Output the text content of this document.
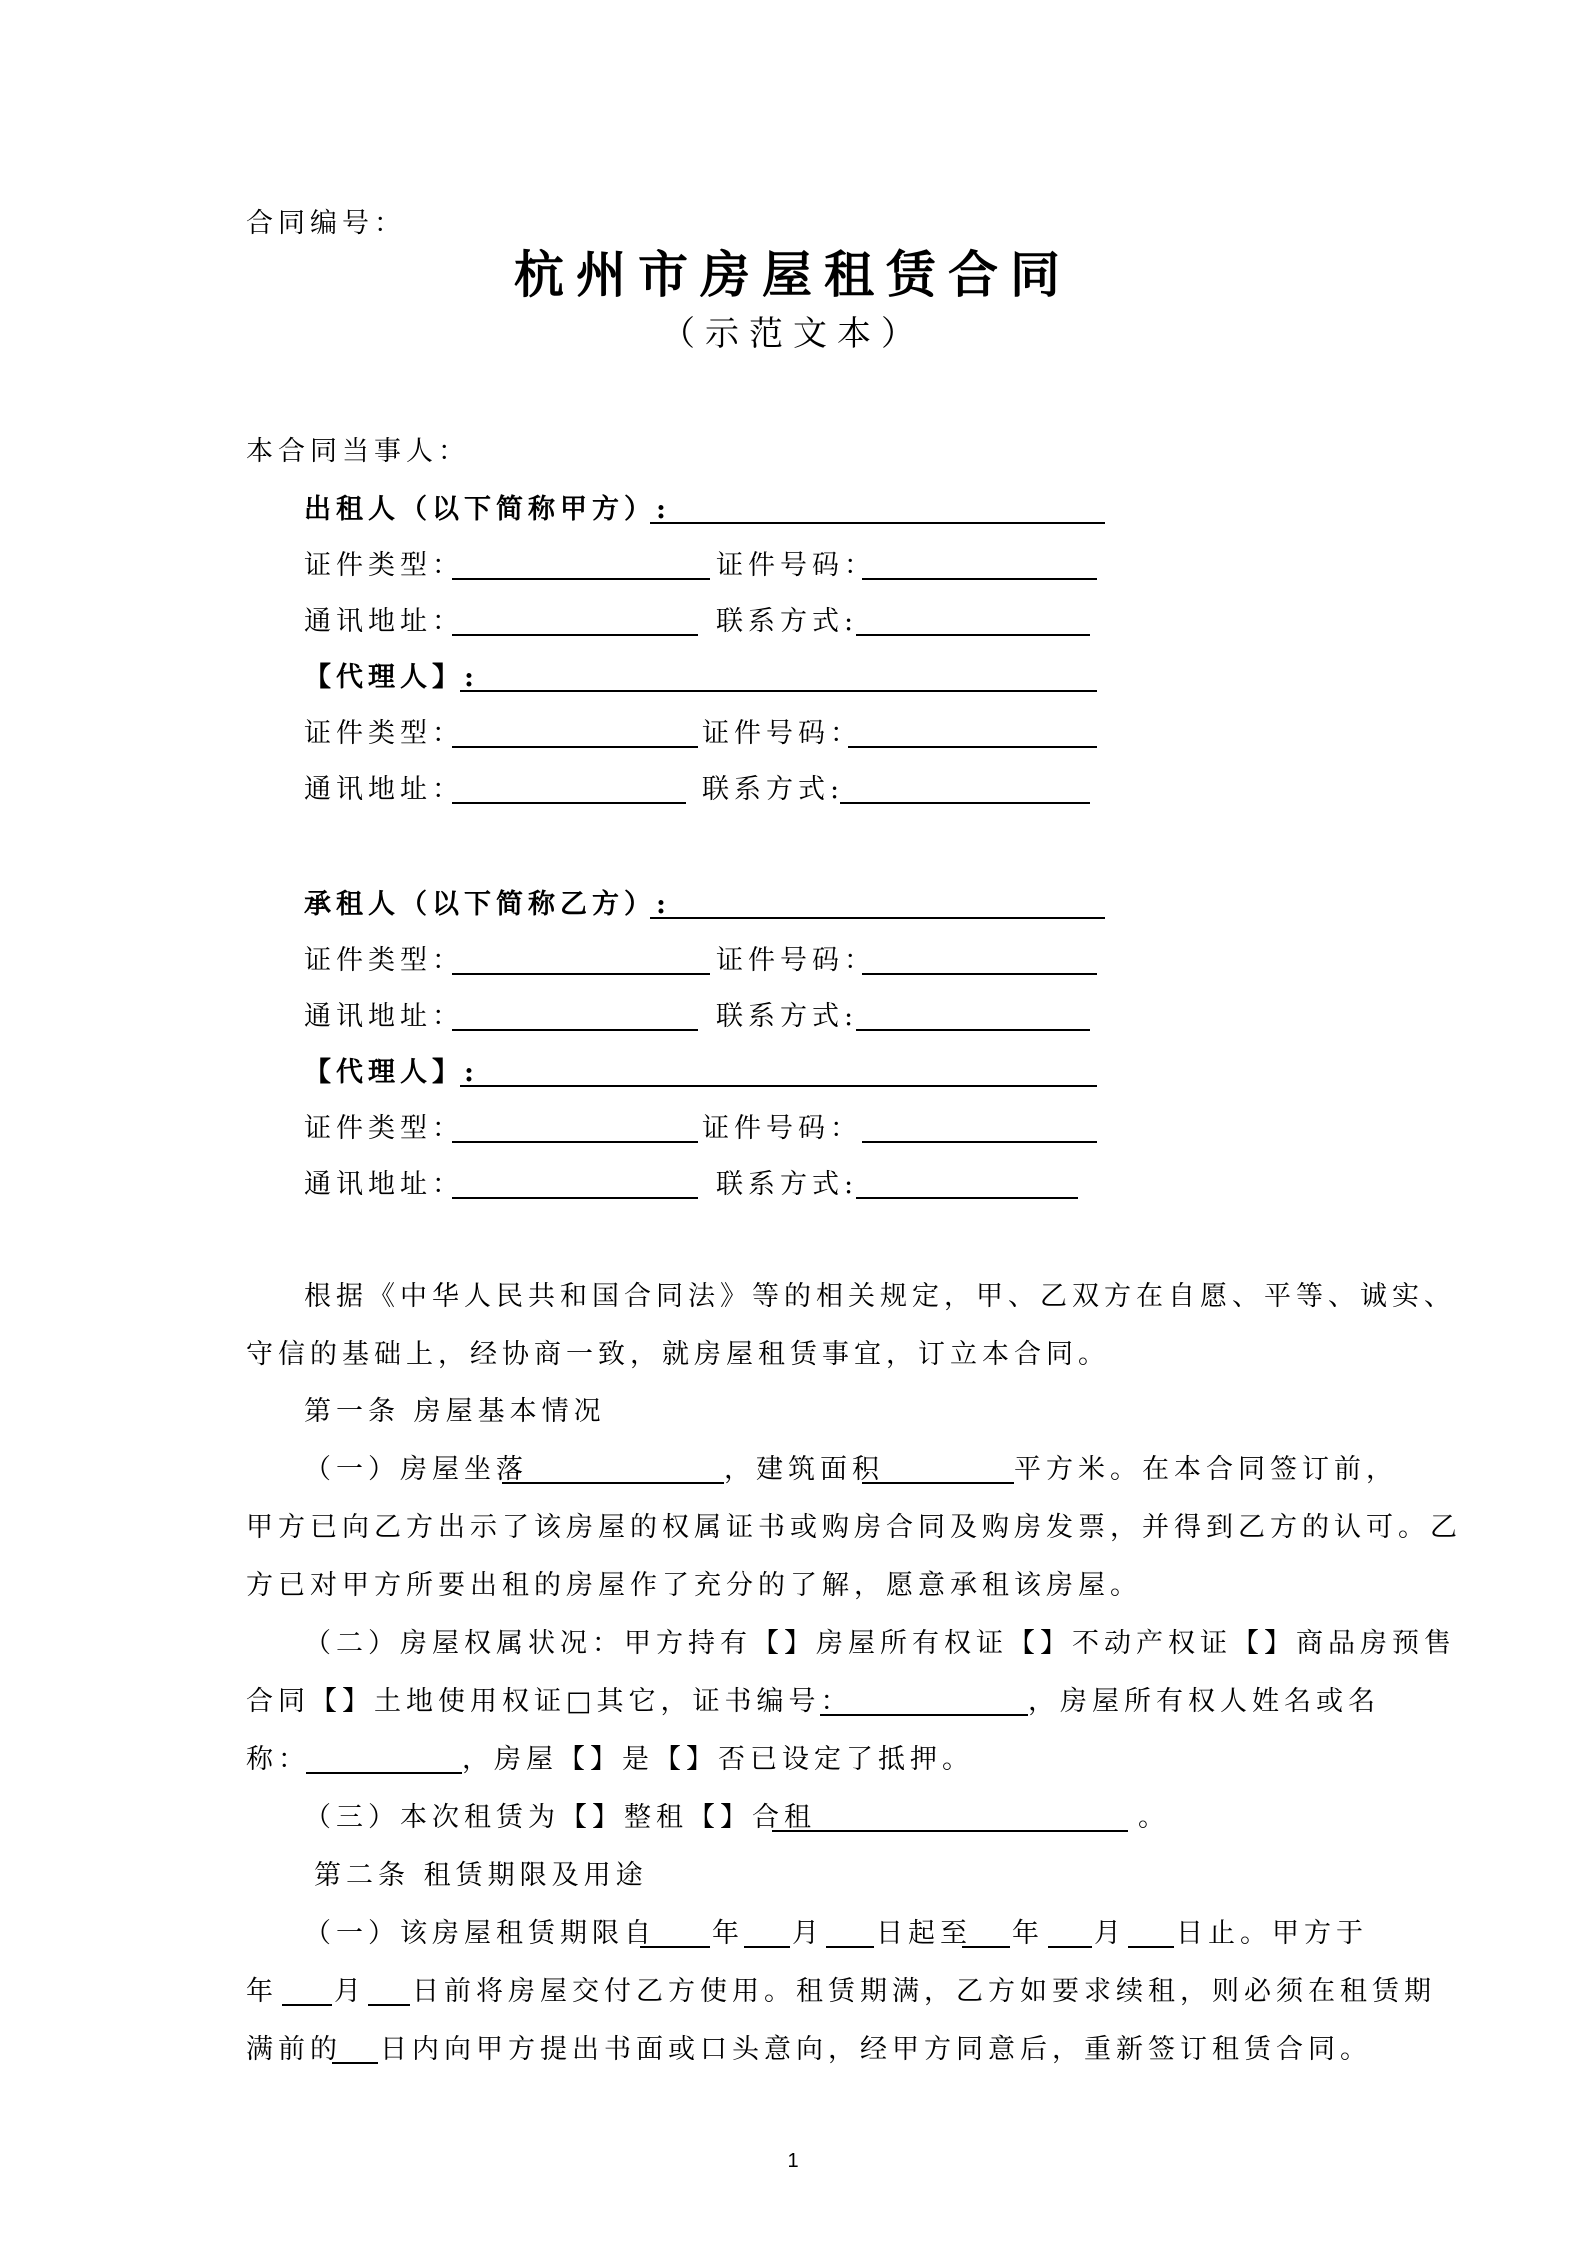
合同编号：
杭州市房屋租赁合同
（示范文本）
本合同当事人：
出租人（以下简称甲方）:
证件类型：	证件号码：
通讯地址：	联系方式:
【代理人】:
证件类型：	证件号码：
通讯地址：	联系方式:
承租人（以下简称乙方）:
证件类型：	证件号码：
通讯地址：	联系方式:
【代理人】:
证件类型：	证件号码：
通讯地址：	联系方式:
根据《中华人民共和国合同法》等的相关规定，甲、乙双方在自愿、平等、诚实、
守信的基础上，经协商一致，就房屋租赁事宜，订立本合同。
第一条 房屋基本情况
（一）房屋坐落	，建筑面积	平方米。在本合同签订前，
甲方已向乙方出示了该房屋的权属证书或购房合同及购房发票，并得到乙方的认可。乙
方已对甲方所要出租的房屋作了充分的了解，愿意承租该房屋。
（二）房屋权属状况：甲方持有【】房屋所有权证【】不动产权证【】商品房预售
合同【】土地使用权证□其它，证书编号：	，房屋所有权人姓名或名
称：	，房屋【】是【】否已设定了抵押。
（三）本次租赁为【】整租【】合租	。
第二条 租赁期限及用途
（一）该房屋租赁期限自 年 月 日起至 年 月 日止。甲方于
年 月 日前将房屋交付乙方使用。租赁期满，乙方如要求续租，则必须在租赁期
满前的 日内向甲方提出书面或口头意向，经甲方同意后，重新签订租赁合同。
1
